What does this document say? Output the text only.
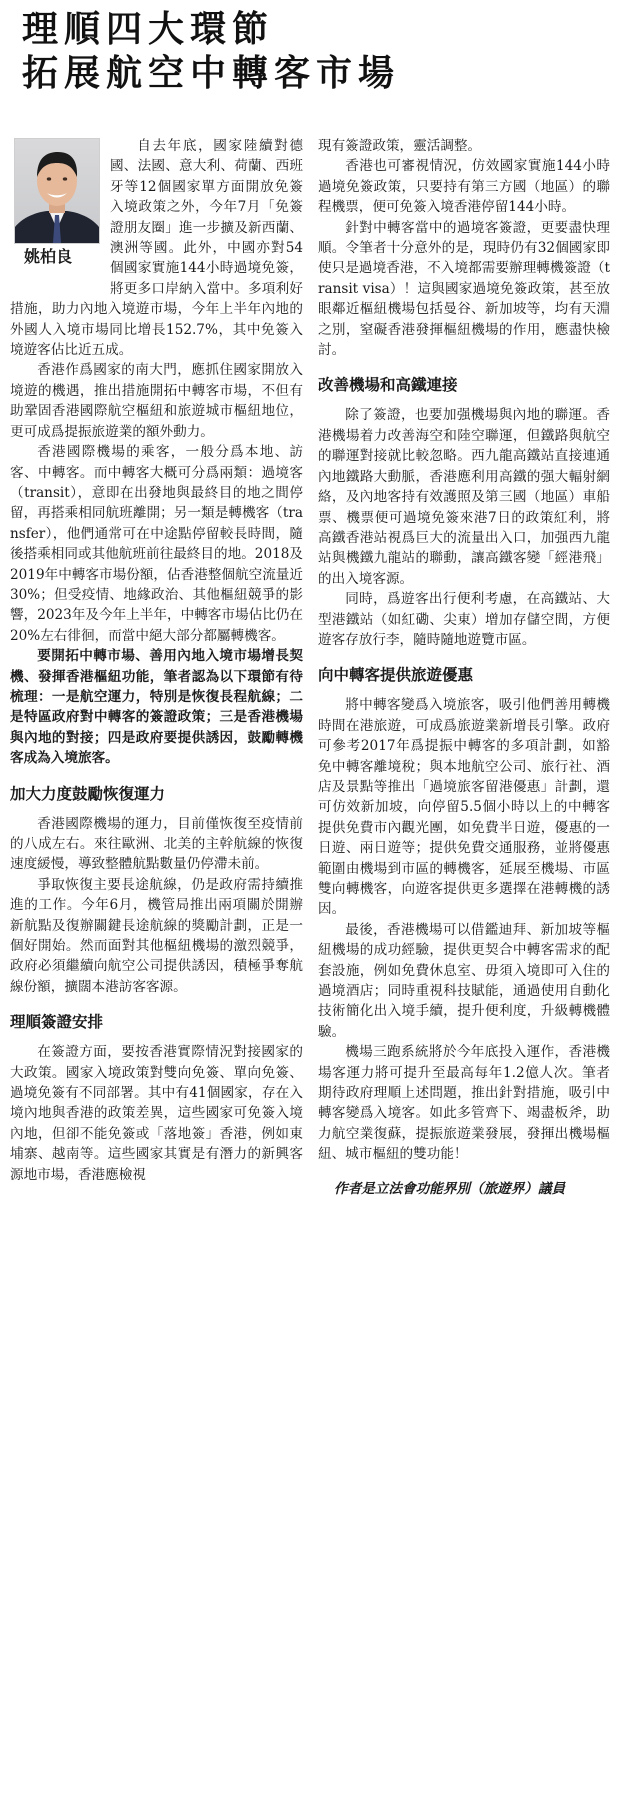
理順四大環節
拓展航空中轉客市場
姚柏良

自去年底，國家陸續對德國、法國、意大利、荷蘭、西班牙等12個國家單方面開放免簽入境政策之外，今年7月「免簽證朋友圈」進一步擴及新西蘭、澳洲等國。此外，中國亦對54個國家實施144小時過境免簽，將更多口岸納入當中。多項利好措施，助力內地入境遊市場，今年上半年內地的外國人入境市場同比增長152.7%，其中免簽入境遊客佔比近五成。

香港作爲國家的南大門，應抓住國家開放入境遊的機遇，推出措施開拓中轉客市場，不但有助鞏固香港國際航空樞紐和旅遊城市樞紐地位，更可成爲提振旅遊業的額外動力。

香港國際機場的乘客，一般分爲本地、訪客、中轉客。而中轉客大概可分爲兩類：過境客（transit），意即在出發地與最終目的地之間停留，再搭乘相同航班離開；另一類是轉機客（transfer），他們通常可在中途點停留較長時間，隨後搭乘相同或其他航班前往最終目的地。2018及2019年中轉客市場份額，佔香港整個航空流量近30%；但受疫情、地緣政治、其他樞紐競爭的影響，2023年及今年上半年，中轉客市場佔比仍在20%左右徘徊，而當中絕大部分都屬轉機客。

要開拓中轉市場、善用內地入境市場增長契機、發揮香港樞紐功能，筆者認為以下環節有待梳理：一是航空運力，特別是恢復長程航線；二是特區政府對中轉客的簽證政策；三是香港機場與內地的對接；四是政府要提供誘因，鼓勵轉機客成為入境旅客。
加大力度鼓勵恢復運力

香港國際機場的運力，目前僅恢復至疫情前的八成左右。來往歐洲、北美的主幹航線的恢復速度緩慢，導致整體航點數量仍停滯未前。

爭取恢復主要長途航線，仍是政府需持續推進的工作。今年6月，機管局推出兩項關於開辦新航點及復辦關鍵長途航線的獎勵計劃，正是一個好開始。然而面對其他樞紐機場的激烈競爭，政府必須繼續向航空公司提供誘因，積極爭奪航線份額，擴闊本港訪客客源。

理順簽證安排

在簽證方面，要按香港實際情況對接國家的大政策。國家入境政策對雙向免簽、單向免簽、過境免簽有不同部署。其中有41個國家，存在入境內地與香港的政策差異，這些國家可免簽入境內地，但卻不能免簽或「落地簽」香港，例如東埔寨、越南等。這些國家其實是有潛力的新興客源地市場，香港應檢視

現有簽證政策，靈活調整。

香港也可審視情況，仿效國家實施144小時過境免簽政策，只要持有第三方國（地區）的聯程機票，便可免簽入境香港停留144小時。

針對中轉客當中的過境客簽證，更要盡快理順。令筆者十分意外的是，現時仍有32個國家即使只是過境香港，不入境都需要辦理轉機簽證（transit visa）！這與國家過境免簽政策，甚至放眼鄰近樞紐機場包括曼谷、新加坡等，均有天淵之別，窒礙香港發揮樞紐機場的作用，應盡快檢討。

改善機場和高鐵連接

除了簽證，也要加强機場與內地的聯運。香港機場着力改善海空和陸空聯運，但鐵路與航空的聯運對接就比較忽略。西九龍高鐵站直接連通內地鐵路大動脈，香港應利用高鐵的强大輻射網絡，及內地客持有效護照及第三國（地區）車船票、機票便可過境免簽來港7日的政策紅利，將高鐵香港站視爲巨大的流量出入口，加强西九龍站與機鐵九龍站的聯動，讓高鐵客變「經港飛」的出入境客源。

同時，爲遊客出行便利考慮，在高鐵站、大型港鐵站（如紅磡、尖東）增加存儲空間，方便遊客存放行李，隨時隨地遊覽市區。

向中轉客提供旅遊優惠

將中轉客變爲入境旅客，吸引他們善用轉機時間在港旅遊，可成爲旅遊業新增長引擎。政府可參考2017年爲提振中轉客的多項計劃，如豁免中轉客離境稅；與本地航空公司、旅行社、酒店及景點等推出「過境旅客留港優惠」計劃，還可仿效新加坡，向停留5.5個小時以上的中轉客提供免費市內觀光團，如免費半日遊，優惠的一日遊、兩日遊等；提供免費交通服務，並將優惠範圍由機場到市區的轉機客，延展至機場、市區雙向轉機客，向遊客提供更多選擇在港轉機的誘因。

最後，香港機場可以借鑑迪拜、新加坡等樞紐機場的成功經驗，提供更契合中轉客需求的配套設施，例如免費休息室、毋須入境即可入住的過境酒店；同時重視科技賦能，通過使用自動化技術簡化出入境手續，提升便利度，升級轉機體驗。

機場三跑系統將於今年底投入運作，香港機場客運力將可提升至最高每年1.2億人次。筆者期待政府理順上述問題，推出針對措施，吸引中轉客變爲入境客。如此多管齊下、竭盡板斧，助力航空業復蘇，提振旅遊業發展，發揮出機場樞紐、城市樞紐的雙功能！

作者是立法會功能界別（旅遊界）議員
